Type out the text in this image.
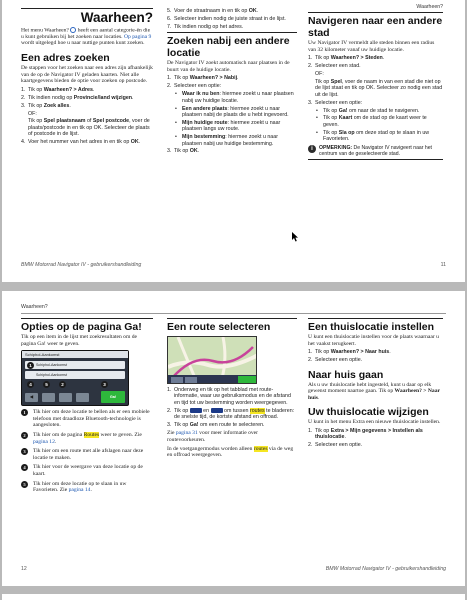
Waarheen?

Het menu Waarheen? heeft een aantal categorie-ën die u kunt gebruiken bij het zoeken naar locaties. Op pagina 9 wordt uitgelegd hoe u naar nuttige punten kunt zoeken.

Een adres zoeken

De stappen voor het zoeken naar een adres zijn afhankelijk van de op de Navigator IV geladen kaarten. Niet alle kaartgegevens bieden de optie voor zoeken op postcode.

1. Tik op Waarheen? > Adres.
2. Tik indien nodig op Provincie/land wijzigen.
3. Tik op Zoek alles.
OF:
Tik op Spel plaatsnaam of Spel postcode, voer de plaats/postcode in en tik op OK. Selecteer de plaats of postcode in de lijst.
4. Voer het nummer van het adres in en tik op OK.
5. Voer de straatnaam in en tik op OK.
6. Selecteer indien nodig de juiste straat in de lijst.
7. Tik indien nodig op het adres.
Zoeken nabij een andere locatie

De Navigator IV zoekt automatisch naar plaatsen in de buurt van de huidige locatie.

1. Tik op Waarheen? > Nabij.
2. Selecteer een optie:
• Waar ik nu ben: hiermee zoekt u naar plaatsen nabij uw huidige locatie.
• Een andere plaats: hiermee zoekt u naar plaatsen nabij de plaats die u hebt ingevoerd.
• Mijn huidige route: hiermee zoekt u naar plaatsen langs uw route.
• Mijn bestemming: hiermee zoekt u naar plaatsen nabij uw huidige bestemming.
3. Tik op OK.
Waarheen?
Navigeren naar een andere stad

Uw Navigator IV vermeldt alle steden binnen een radius van 32 kilometer vanaf uw huidige locatie.

1. Tik op Waarheen? > Steden.
2. Selecteer een stad.
OF:
Tik op Spel, voer de naam in van een stad die niet op de lijst staat en tik op OK. Selecteer zo nodig een stad uit de lijst.
3. Selecteer een optie:
• Tik op Ga! om naar de stad te navigeren.
• Tik op Kaart om de stad op de kaart weer te geven.
• Tik op Sla op om deze stad op te slaan in uw Favorieten.
i	OPMERKING: De Navigator IV navigeert naar het centrum van de geselecteerde stad.
BMW Motorrad Navigator IV - gebruikershandleiding	11
Waarheen?
Opties op de pagina Ga!

Tik op een item in de lijst met zoekresultaten om de pagina Ga! weer te geven.

Schiphol-Aankomst
Schiphol-Aankomst
Schiphol-Aankomst
◀	Ga!
1
2	3
4	5
1	Tik hier om deze locatie te bellen als er een mobiele telefoon met draadloze Bluetooth-technologie is aangesloten.
2	Tik hier om de pagina Routes weer te geven. Zie pagina 12.
3	Tik hier om een route met alle afslagen naar deze locatie te maken.
4	Tik hier voor de weergave van deze locatie op de kaart.
5	Tik hier om deze locatie op te slaan in uw Favorieten. Zie pagina 14.
Een route selecteren
1. Onderweg en tik op het tabblad met route-informatie, waar uw gebruiksmodus en de afstand en tijd tot uw bestemming worden weergegeven.
2. Tik op  en  om tussen routes te bladeren: de snelste tijd, de kortste afstand en offroad.
3. Tik op Ga! om een route te selecteren.

Zie pagina 31 voor meer informatie over routevoorkeuren.

In de voetgangermodus worden alleen routes via de weg en offroad weergegeven.

Een thuislocatie instellen

U kunt een thuislocatie instellen voor de plaats waarnaar u het vaakst terugkeert.

1. Tik op Waarheen? > Naar huis.
2. Selecteer een optie.
Naar huis gaan

Als u uw thuislocatie hebt ingesteld, kunt u daar op elk gewenst moment naartoe gaan. Tik op Waarheen? > Naar huis.

Uw thuislocatie wijzigen

U kunt in het menu Extra een nieuwe thuislocatie instellen.

1. Tik op Extra > Mijn gegevens > Instellen als thuislocatie.
2. Selecteer een optie.
12	BMW Motorrad Navigator IV - gebruikershandleiding
